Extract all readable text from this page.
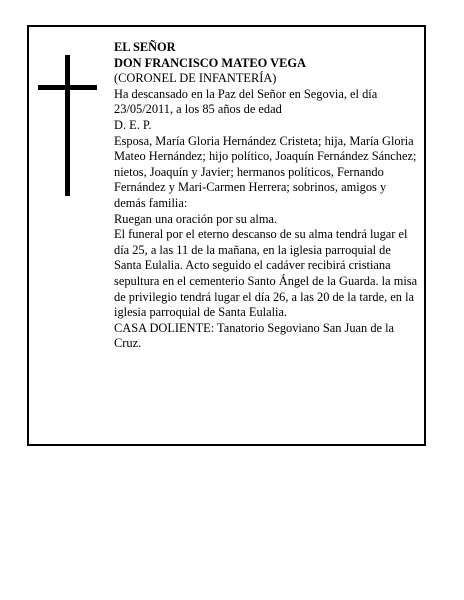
EL SEÑOR

DON FRANCISCO MATEO VEGA

(CORONEL DE INFANTERÍA)

Ha descansado en la Paz del Señor en Segovia, el día 23/05/2011, a los 85 años de edad

D. E. P.

Esposa, María Gloria Hernández Cristeta; hija, María Gloria Mateo Hernández; hijo político, Joaquín Fernández Sánchez; nietos, Joaquín y Javier; hermanos políticos, Fernando Fernández y Mari-Carmen Herrera; sobrinos, amigos y demás familia:

Ruegan una oración por su alma.

El funeral por el eterno descanso de su alma tendrá lugar el día 25, a las 11 de la mañana, en la iglesia parroquial de Santa Eulalia. Acto seguido el cadáver recibirá cristiana sepultura en el cementerio Santo Ángel de la Guarda. la misa de privilegio tendrá lugar el día 26, a las 20 de la tarde, en la iglesia parroquial de Santa Eulalia.

CASA DOLIENTE: Tanatorio Segoviano San Juan de la Cruz.
